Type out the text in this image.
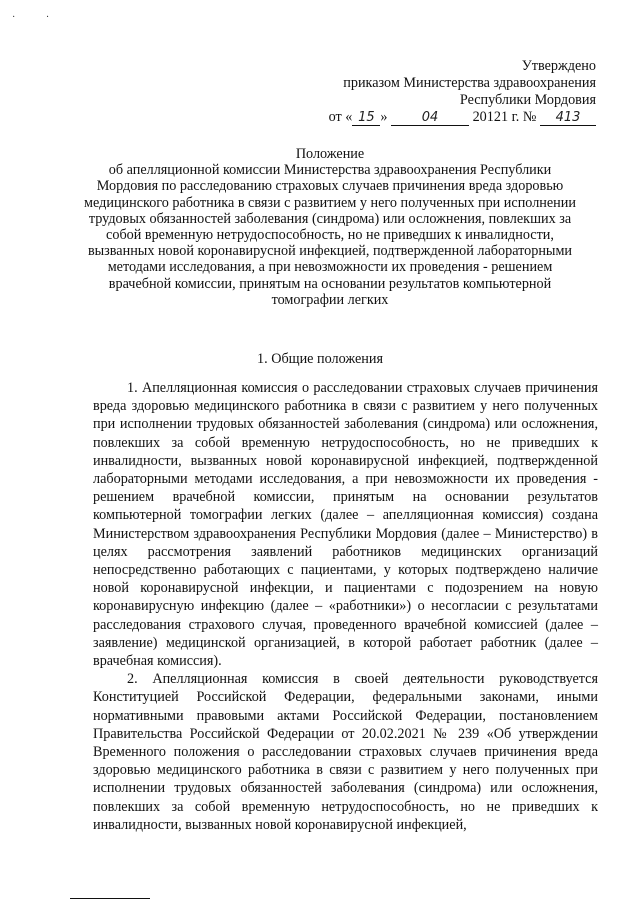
· ·
Утверждено
приказом Министерства здравоохранения
Республики Мордовия
от « 15 »	04 20121 г. № 413
Положение
об апелляционной комиссии Министерства здравоохранения Республики Мордовия по расследованию страховых случаев причинения вреда здоровью медицинского работника в связи с развитием у него полученных при исполнении трудовых обязанностей заболевания (синдрома) или осложнения, повлекших за собой временную нетрудоспособность, но не приведших к инвалидности, вызванных новой коронавирусной инфекцией, подтвержденной лабораторными методами исследования, а при невозможности их проведения - решением врачебной комиссии, принятым на основании результатов компьютерной томографии легких
1. Общие положения

1. Апелляционная комиссия о расследовании страховых случаев причинения вреда здоровью медицинского работника в связи с развитием у него полученных при исполнении трудовых обязанностей заболевания (синдрома) или осложнения, повлекших за собой временную нетрудоспособность, но не приведших к инвалидности, вызванных новой коронавирусной инфекцией, подтвержденной лабораторными методами исследования, а при невозможности их проведения - решением врачебной комиссии, принятым на основании результатов компьютерной томографии легких (далее – апелляционная комиссия) создана Министерством здравоохранения Республики Мордовия (далее – Министерство) в целях рассмотрения заявлений работников медицинских организаций непосредственно работающих с пациентами, у которых подтверждено наличие новой коронавирусной инфекции, и пациентами с подозрением на новую коронавирусную инфекцию (далее – «работники») о несогласии с результатами расследования страхового случая, проведенного врачебной комиссией (далее – заявление) медицинской организацией, в которой работает работник (далее – врачебная комиссия).

2. Апелляционная комиссия в своей деятельности руководствуется Конституцией Российской Федерации, федеральными законами, иными нормативными правовыми актами Российской Федерации, постановлением Правительства Российской Федерации от 20.02.2021 № 239 «Об утверждении Временного положения о расследовании страховых случаев причинения вреда здоровью медицинского работника в связи с развитием у него полученных при исполнении трудовых обязанностей заболевания (синдрома) или осложнения, повлекших за собой временную нетрудоспособность, но не приведших к инвалидности, вызванных новой коронавирусной инфекцией,
